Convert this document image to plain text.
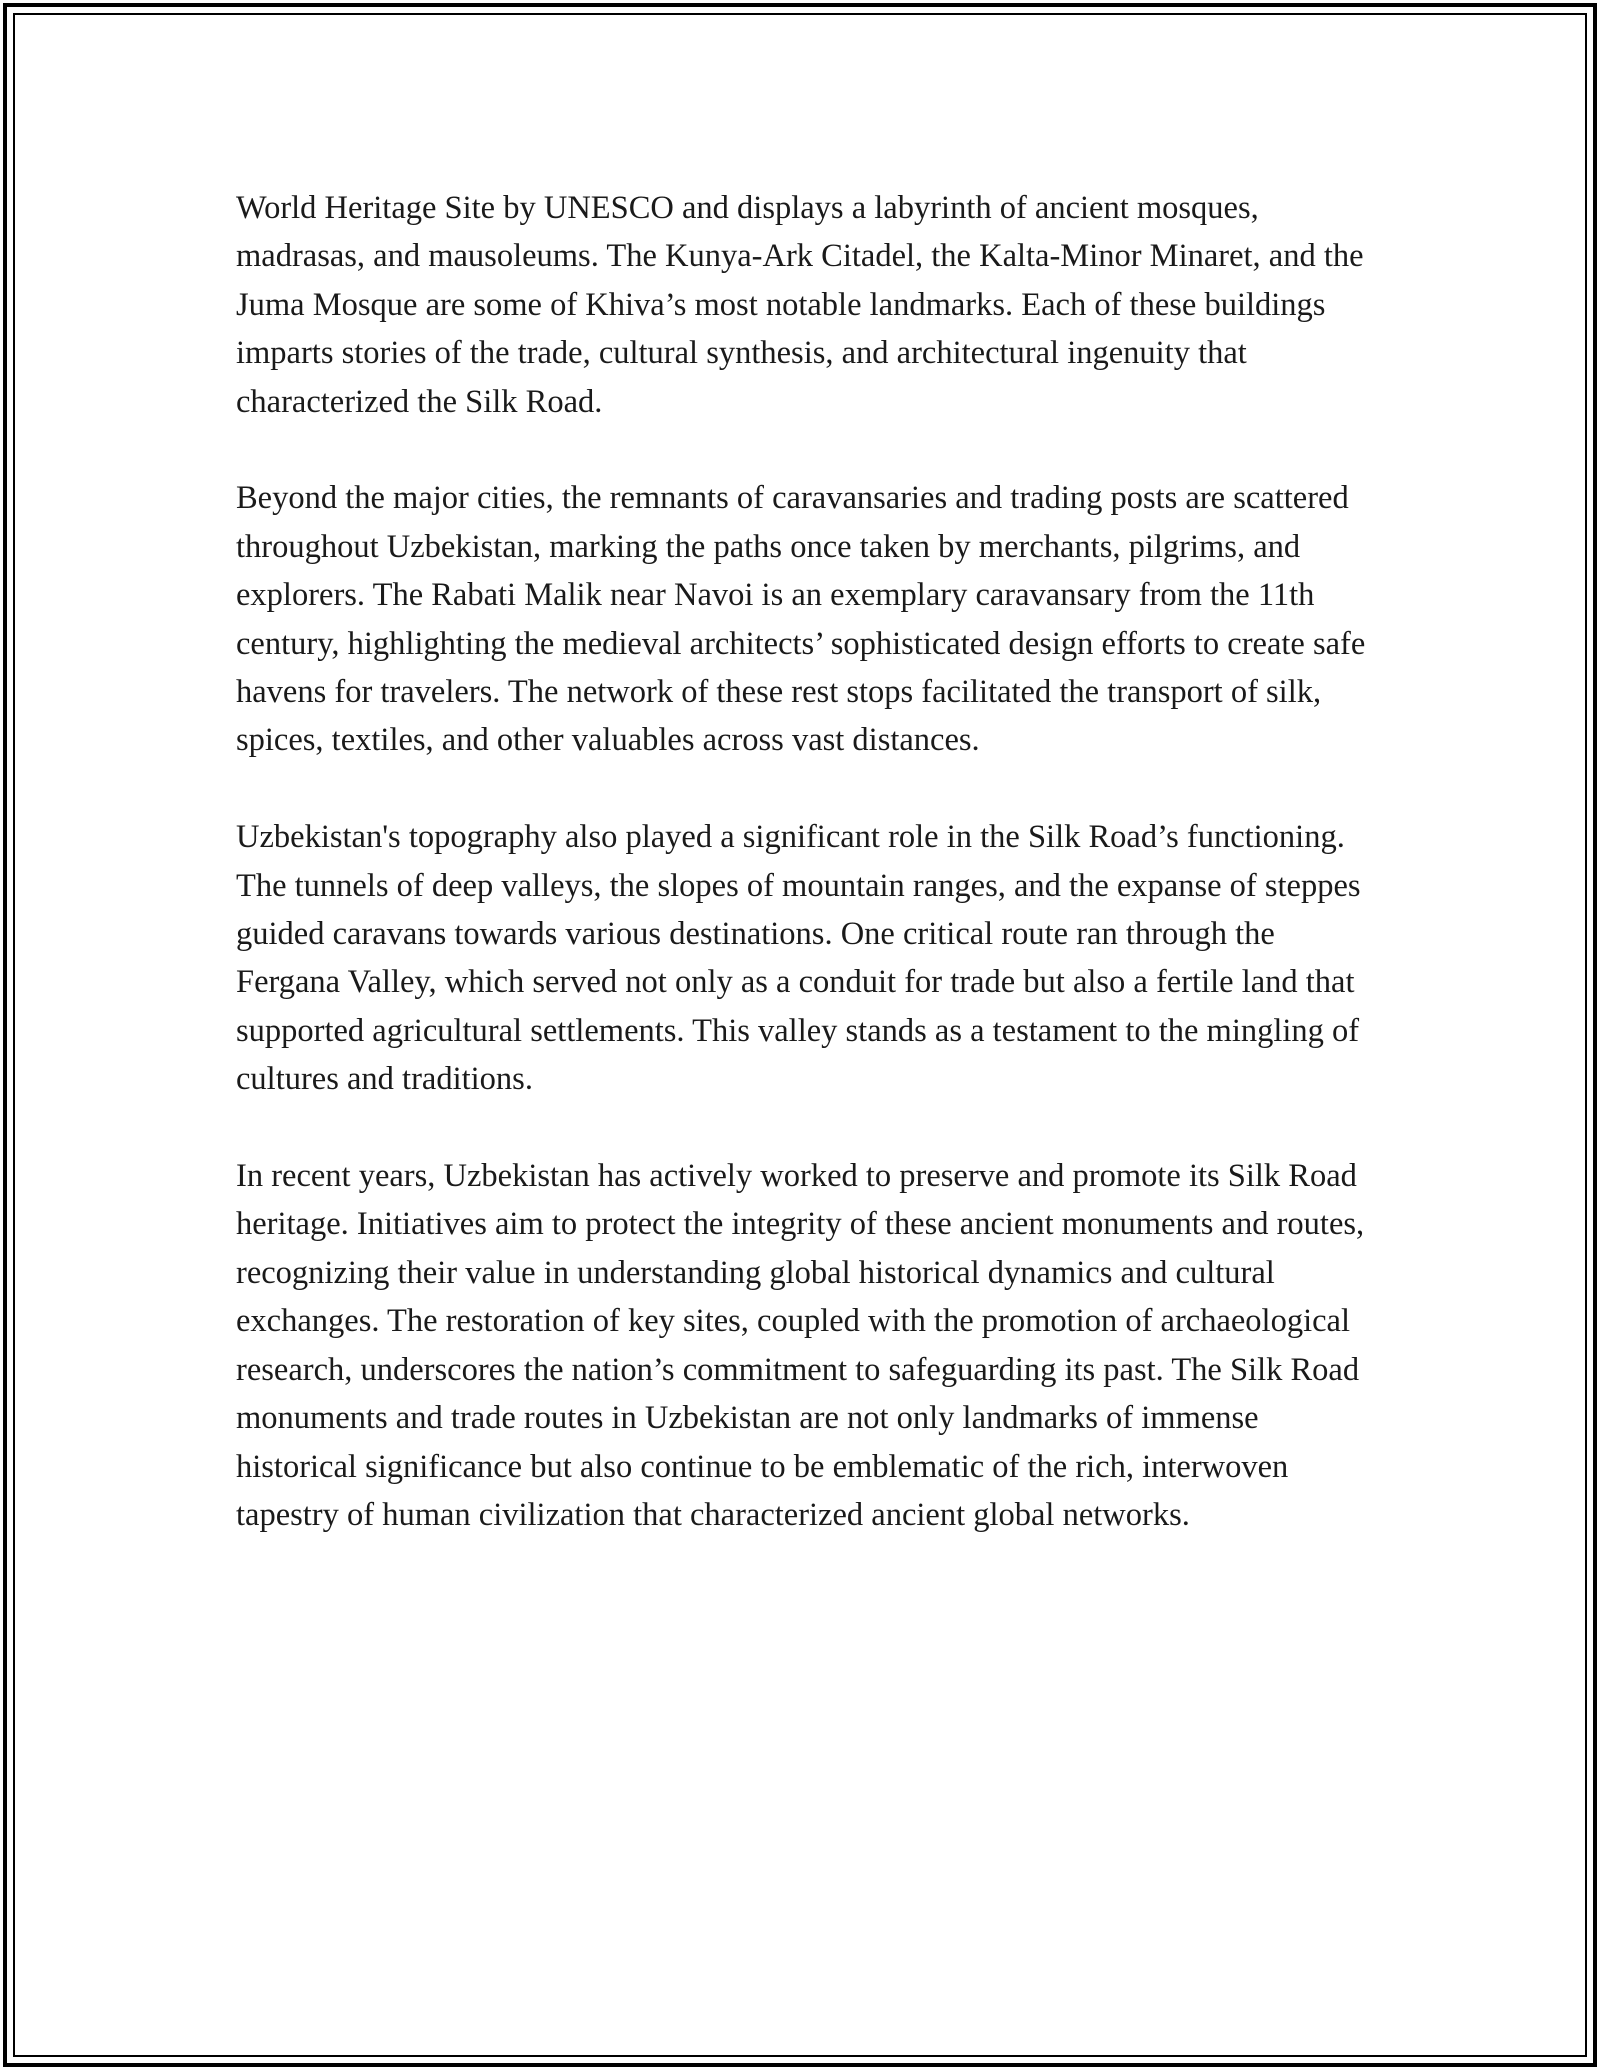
World Heritage Site by UNESCO and displays a labyrinth of ancient mosques, madrasas, and mausoleums. The Kunya-Ark Citadel, the Kalta-Minor Minaret, and the Juma Mosque are some of Khiva’s most notable landmarks. Each of these buildings imparts stories of the trade, cultural synthesis, and architectural ingenuity that characterized the Silk Road.

Beyond the major cities, the remnants of caravansaries and trading posts are scattered throughout Uzbekistan, marking the paths once taken by merchants, pilgrims, and explorers. The Rabati Malik near Navoi is an exemplary caravansary from the 11th century, highlighting the medieval architects’ sophisticated design efforts to create safe havens for travelers. The network of these rest stops facilitated the transport of silk, spices, textiles, and other valuables across vast distances.

Uzbekistan's topography also played a significant role in the Silk Road’s functioning. The tunnels of deep valleys, the slopes of mountain ranges, and the expanse of steppes guided caravans towards various destinations. One critical route ran through the Fergana Valley, which served not only as a conduit for trade but also a fertile land that supported agricultural settlements. This valley stands as a testament to the mingling of cultures and traditions.

In recent years, Uzbekistan has actively worked to preserve and promote its Silk Road heritage. Initiatives aim to protect the integrity of these ancient monuments and routes, recognizing their value in understanding global historical dynamics and cultural exchanges. The restoration of key sites, coupled with the promotion of archaeological research, underscores the nation’s commitment to safeguarding its past. The Silk Road monuments and trade routes in Uzbekistan are not only landmarks of immense historical significance but also continue to be emblematic of the rich, interwoven tapestry of human civilization that characterized ancient global networks.
